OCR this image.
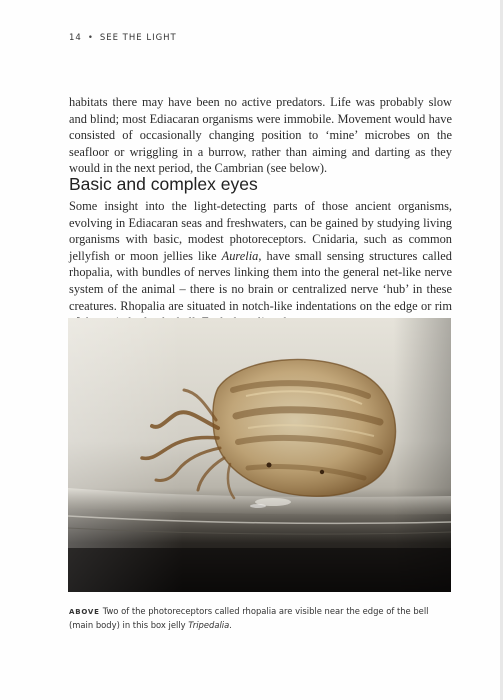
14 • SEE THE LIGHT

habitats there may have been no active predators. Life was probably slow and blind; most Ediacaran organisms were immobile. Movement would have consisted of occasionally changing position to ‘mine’ microbes on the seafloor or wriggling in a burrow, rather than aiming and darting as they would in the next period, the Cambrian (see below).

Basic and complex eyes

Some insight into the light-detecting parts of those ancient organisms, evolving in Ediacaran seas and freshwaters, can be gained by studying living organisms with basic, modest photoreceptors. Cnidaria, such as common jellyfish or moon jellies like Aurelia, have small sensing structures called rhopalia, with bundles of nerves linking them into the general net-like nerve system of the animal – there is no brain or centralized nerve ‘hub’ in these creatures. Rhopalia are situated in notch-like indentations on the edge or rim

ABOVE Two of the photoreceptors called rhopalia are visible near the edge of the bell (main body) in this box jelly Tripedalia.
